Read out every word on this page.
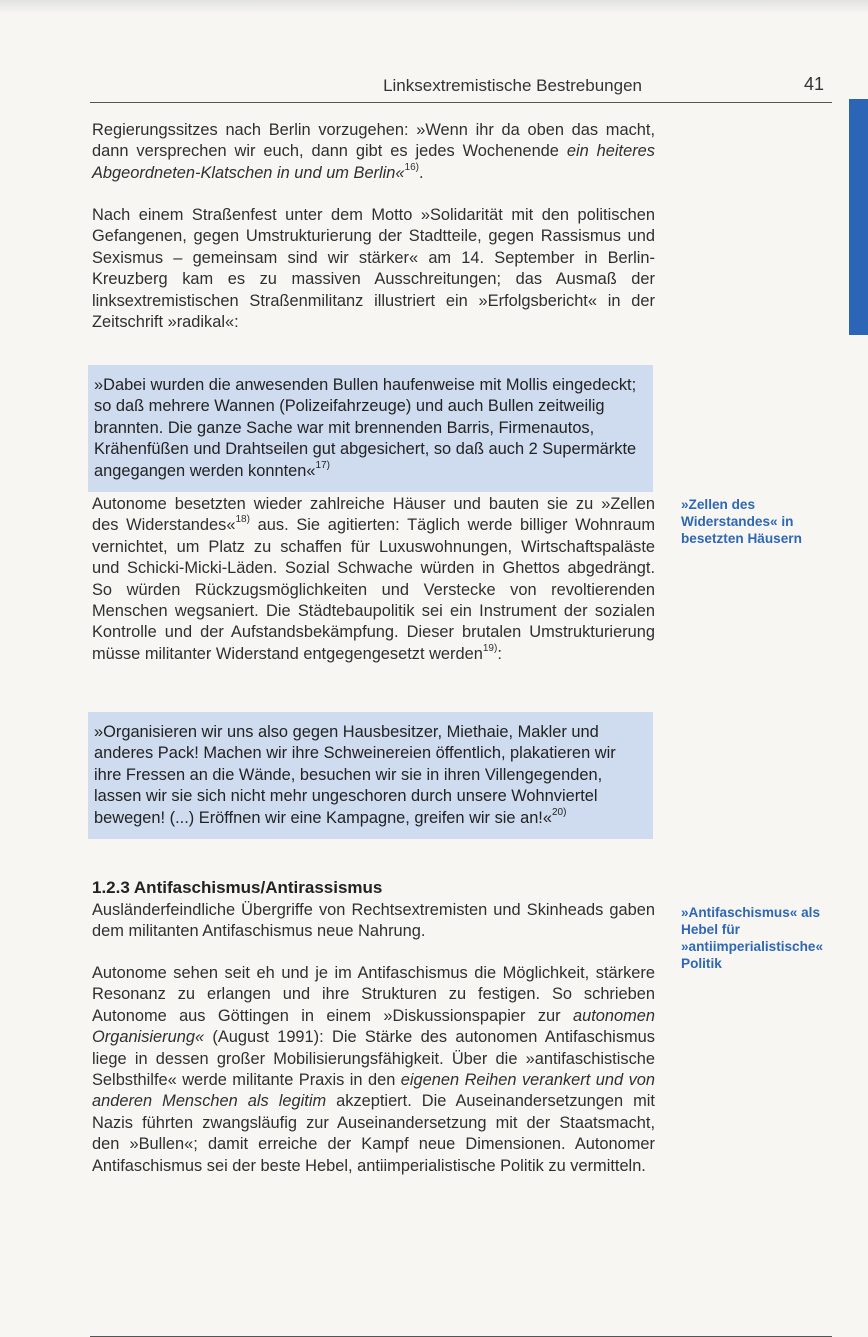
Linksextremistische Bestrebungen	41

Regierungssitzes nach Berlin vorzugehen: »Wenn ihr da oben das macht, dann versprechen wir euch, dann gibt es jedes Wochenende ein heiteres Abgeordneten-Klatschen in und um Berlin«$^{16)}$.

Nach einem Straßenfest unter dem Motto »Solidarität mit den politischen Gefangenen, gegen Umstrukturierung der Stadtteile, gegen Rassismus und Sexismus – gemeinsam sind wir stärker« am 14. September in Berlin-Kreuzberg kam es zu massiven Ausschreitungen; das Ausmaß der linksextremistischen Straßenmilitanz illustriert ein »Erfolgsbericht« in der Zeitschrift »radikal«:

»Dabei wurden die anwesenden Bullen haufenweise mit Mollis eingedeckt; so daß mehrere Wannen (Polizeifahrzeuge) und auch Bullen zeitweilig brannten. Die ganze Sache war mit brennenden Barris, Firmenautos, Krähenfüßen und Drahtseilen gut abgesichert, so daß auch 2 Supermärkte angegangen werden konnten«$^{17)}$

Autonome besetzten wieder zahlreiche Häuser und bauten sie zu »Zellen des Widerstandes«$^{18)}$ aus. Sie agitierten: Täglich werde billiger Wohnraum vernichtet, um Platz zu schaffen für Luxuswohnungen, Wirtschaftspaläste und Schicki-Micki-Läden. Sozial Schwache würden in Ghettos abgedrängt. So würden Rückzugsmöglichkeiten und Verstecke von revoltierenden Menschen wegsaniert. Die Städtebaupolitik sei ein Instrument der sozialen Kontrolle und der Aufstandsbekämpfung. Dieser brutalen Umstrukturierung müsse militanter Widerstand entgegengesetzt werden$^{19)}$:

»Organisieren wir uns also gegen Hausbesitzer, Miethaie, Makler und anderes Pack! Machen wir ihre Schweinereien öffentlich, plakatieren wir ihre Fressen an die Wände, besuchen wir sie in ihren Villengegenden, lassen wir sie sich nicht mehr ungeschoren durch unsere Wohnviertel bewegen! (...) Eröffnen wir eine Kampagne, greifen wir sie an!«$^{20)}$

1.2.3 Antifaschismus/Antirassismus

Ausländerfeindliche Übergriffe von Rechtsextremisten und Skinheads gaben dem militanten Antifaschismus neue Nahrung.

Autonome sehen seit eh und je im Antifaschismus die Möglichkeit, stärkere Resonanz zu erlangen und ihre Strukturen zu festigen. So schrieben Autonome aus Göttingen in einem »Diskussionspapier zur autonomen Organisierung« (August 1991): Die Stärke des autonomen Antifaschismus liege in dessen großer Mobilisierungsfähigkeit. Über die »antifaschistische Selbsthilfe« werde militante Praxis in den eigenen Reihen verankert und von anderen Menschen als legitim akzeptiert. Die Auseinandersetzungen mit Nazis führten zwangsläufig zur Auseinandersetzung mit der Staatsmacht, den »Bullen«; damit erreiche der Kampf neue Dimensionen. Autonomer Antifaschismus sei der beste Hebel, antiimperialistische Politik zu vermitteln.

»Zellen des Widerstandes« in besetzten Häusern
»Antifaschismus« als Hebel für »antiimperialistische« Politik
